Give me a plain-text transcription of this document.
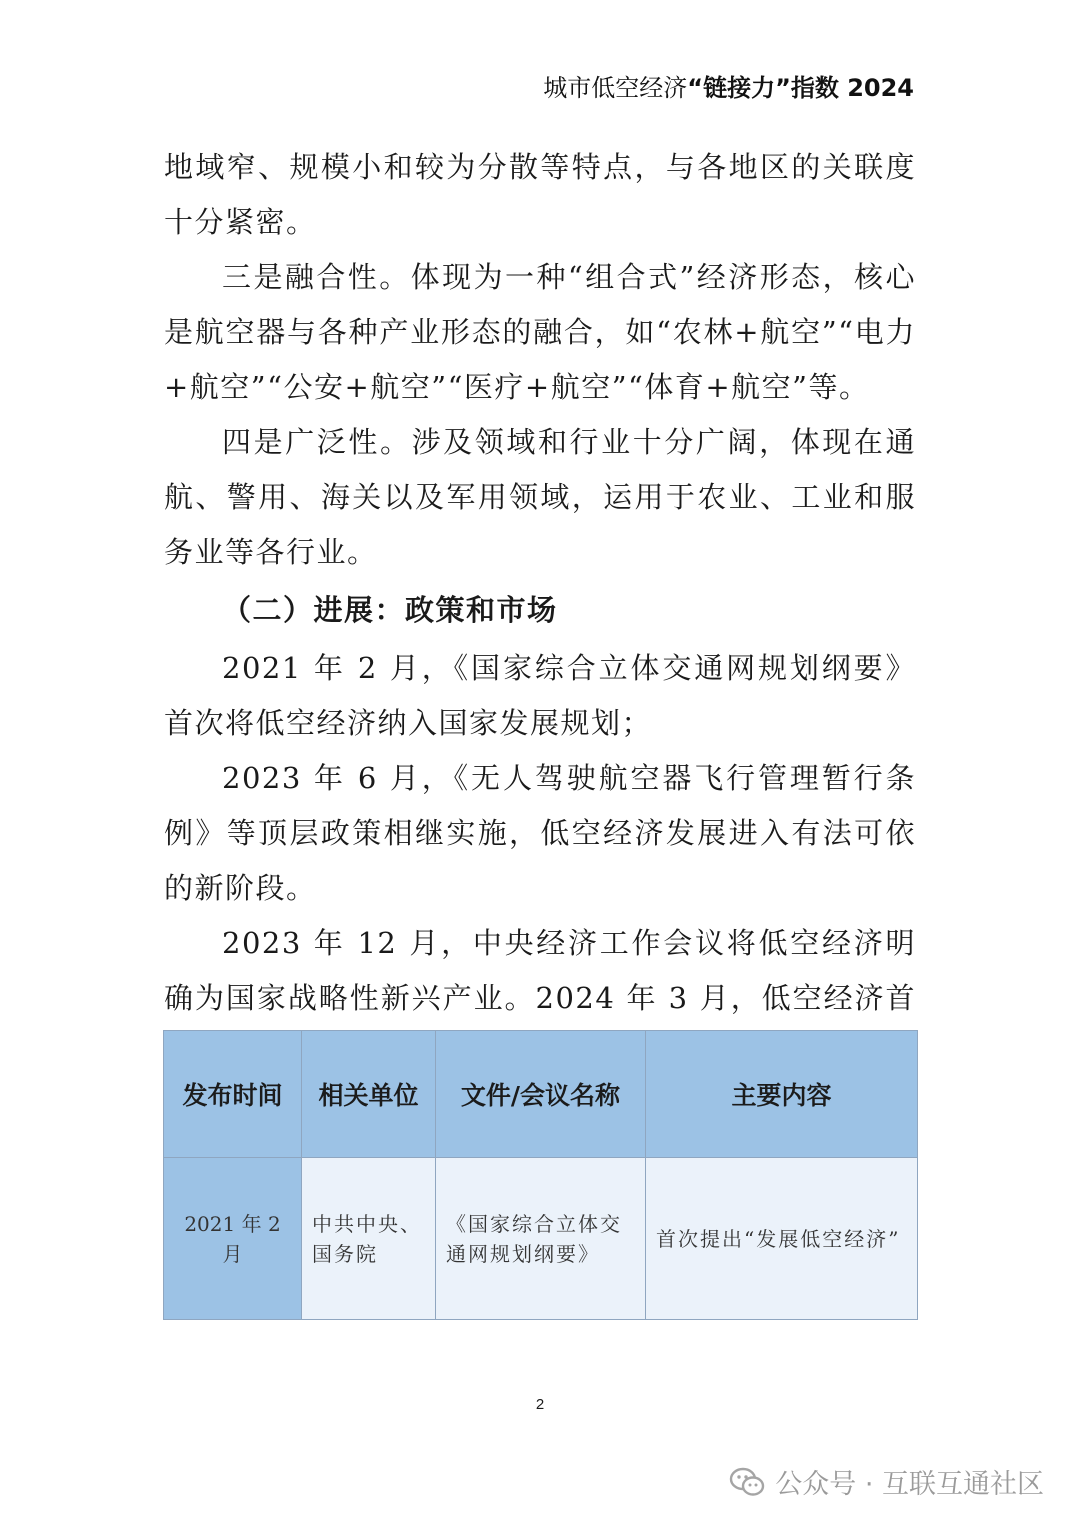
城市低空经济“链接力”指数 2024

地域窄、规模小和较为分散等特点，与各地区的关联度十分紧密。

三是融合性。体现为一种“组合式”经济形态，核心是航空器与各种产业形态的融合，如“农林+航空”“电力+航空”“公安+航空”“医疗+航空”“体育+航空”等。

四是广泛性。涉及领域和行业十分广阔，体现在通航、警用、海关以及军用领域，运用于农业、工业和服务业等各行业。

（二）进展：政策和市场

2021 年 2 月，《国家综合立体交通网规划纲要》首次将低空经济纳入国家发展规划；

2023 年 6 月，《无人驾驶航空器飞行管理暂行条例》等顶层政策相继实施，低空经济发展进入有法可依的新阶段。

2023 年 12 月，中央经济工作会议将低空经济明确为国家战略性新兴产业。2024 年 3 月，低空经济首

发布时间	相关单位	文件/会议名称	主要内容
2021 年 2 月	中共中央、国务院	《国家综合立体交通网规划纲要》	首次提出“发展低空经济”
2
公众号 · 互联互通社区
